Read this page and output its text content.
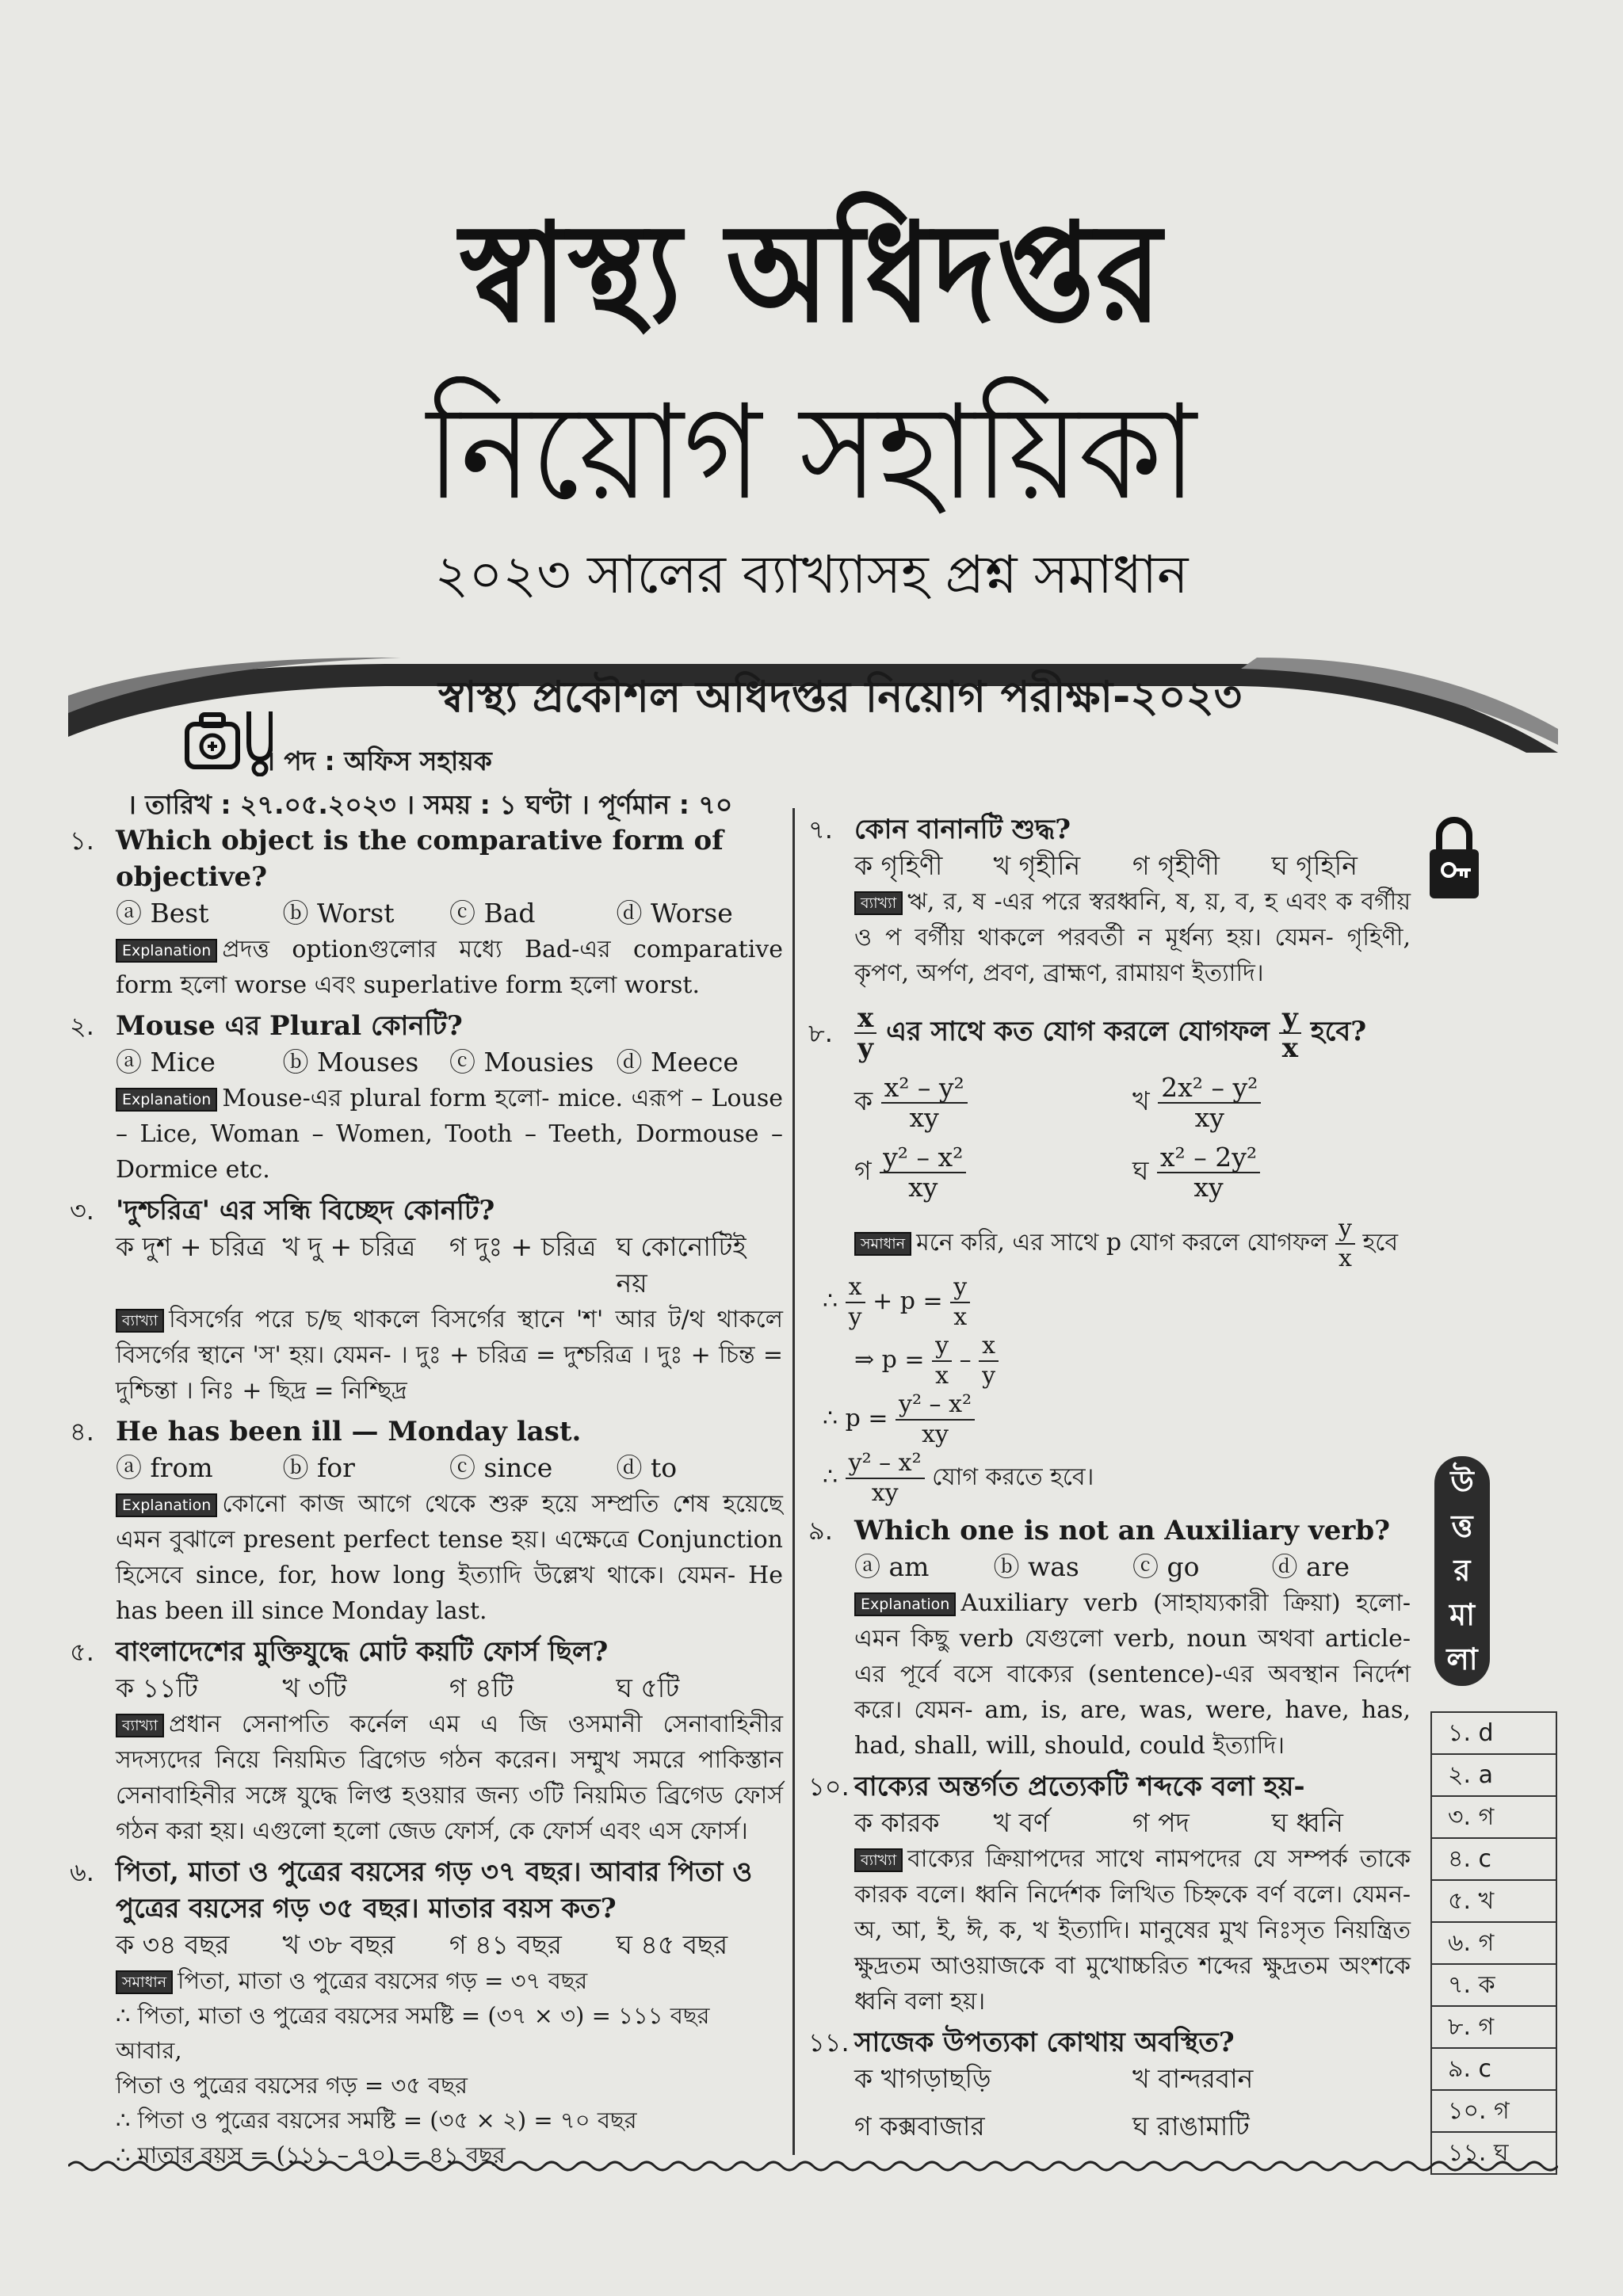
স্বাস্থ্য অধিদপ্তর
নিয়োগ সহায়িকা
২০২৩ সালের ব্যাখ্যাসহ প্রশ্ন সমাধান
স্বাস্থ্য প্রকৌশল অধিদপ্তর নিয়োগ পরীক্ষা-২০২৩
। পদ : অফিস সহায়ক
। তারিখ : ২৭.০৫.২০২৩ । সময় : ১ ঘণ্টা । পূর্ণমান : ৭০
১. Which object is the comparative form of objective?
ⓐ Best	ⓑ Worst	ⓒ Bad	ⓓ Worse
Explanation প্রদত্ত optionগুলোর মধ্যে Bad-এর comparative form হলো worse এবং superlative form হলো worst.
২. Mouse এর Plural কোনটি?
ⓐ Mice	ⓑ Mouses	ⓒ Mousies ⓓ Meece
Explanation Mouse-এর plural form হলো- mice. এরূপ – Louse – Lice, Woman – Women, Tooth – Teeth, Dormouse – Dormice etc.
৩. 'দুশ্চরিত্র' এর সন্ধি বিচ্ছেদ কোনটি?
ক দুশ + চরিত্র খ দু + চরিত্র	গ দুঃ + চরিত্র ঘ কোনোটিই নয়
ব্যাখ্যা বিসর্গের পরে চ/ছ থাকলে বিসর্গের স্থানে 'শ' আর ট/থ থাকলে বিসর্গের স্থানে 'স' হয়। যেমন- । দুঃ + চরিত্র = দুশ্চরিত্র । দুঃ + চিন্ত = দুশ্চিন্তা । নিঃ + ছিদ্র = নিশ্ছিদ্র
৪. He has been ill — Monday last.
ⓐ from	ⓑ for	ⓒ since	ⓓ to
Explanation কোনো কাজ আগে থেকে শুরু হয়ে সম্প্রতি শেষ হয়েছে এমন বুঝালে present perfect tense হয়। এক্ষেত্রে Conjunction হিসেবে since, for, how long ইত্যাদি উল্লেখ থাকে। যেমন- He has been ill since Monday last.
৫. বাংলাদেশের মুক্তিযুদ্ধে মোট কয়টি ফোর্স ছিল?
ক ১১টি	খ ৩টি	গ ৪টি	ঘ ৫টি
ব্যাখ্যা প্রধান সেনাপতি কর্নেল এম এ জি ওসমানী সেনাবাহিনীর সদস্যদের নিয়ে নিয়মিত ব্রিগেড গঠন করেন। সম্মুখ সমরে পাকিস্তান সেনাবাহিনীর সঙ্গে যুদ্ধে লিপ্ত হওয়ার জন্য ৩টি নিয়মিত ব্রিগেড ফোর্স গঠন করা হয়। এগুলো হলো জেড ফোর্স, কে ফোর্স এবং এস ফোর্স।
৬. পিতা, মাতা ও পুত্রের বয়সের গড় ৩৭ বছর। আবার পিতা ও পুত্রের বয়সের গড় ৩৫ বছর। মাতার বয়স কত?
ক ৩৪ বছর	খ ৩৮ বছর	গ ৪১ বছর	ঘ ৪৫ বছর
সমাধান পিতা, মাতা ও পুত্রের বয়সের গড় = ৩৭ বছর
∴ পিতা, মাতা ও পুত্রের বয়সের সমষ্টি = (৩৭ × ৩) = ১১১ বছর
আবার,
পিতা ও পুত্রের বয়সের গড় = ৩৫ বছর
∴ পিতা ও পুত্রের বয়সের সমষ্টি = (৩৫ × ২) = ৭০ বছর
∴ মাতার বয়স = (১১১ – ৭০) = ৪১ বছর
৭. কোন বানানটি শুদ্ধ?
ক গৃহিণী	খ গৃহীনি	গ গৃহীণী	ঘ গৃহিনি
ব্যাখ্যা ঋ, র, ষ -এর পরে স্বরধ্বনি, ষ, য়, ব, হ এবং ক বর্গীয় ও প বর্গীয় থাকলে পরবর্তী ন মূর্ধন্য হয়। যেমন- গৃহিণী, কৃপণ, অর্পণ, প্রবণ, ব্রাহ্মণ, রামায়ণ ইত্যাদি।
৮. $\frac{x}{y}$ এর সাথে কত যোগ করলে যোগফল $\frac{y}{x}$ হবে?
ক $\frac{\text{x² – y²}}{xy}$	খ $\frac{\text{2x² – y²}}{xy}$
গ $\frac{\text{y² – x²}}{xy}$	ঘ $\frac{\text{x² – 2y²}}{xy}$
সমাধান মনে করি, এর সাথে p যোগ করলে যোগফল $\frac{y}{x}$ হবে
∴ $\frac{x}{y} + p = \frac{y}{x}$
⇒ $p = \frac{y}{x} - \frac{x}{y}$
∴ $p = \frac{\text{y² – x²}}{xy}$
∴ $\frac{\text{y² – x²}}{xy}$ যোগ করতে হবে।
৯. Which one is not an Auxiliary verb?
ⓐ am	ⓑ was	ⓒ go	ⓓ are
Explanation Auxiliary verb (সাহায্যকারী ক্রিয়া) হলো- এমন কিছু verb যেগুলো verb, noun অথবা article-এর পূর্বে বসে বাক্যের (sentence)-এর অবস্থান নির্দেশ করে। যেমন- am, is, are, was, were, have, has, had, shall, will, should, could ইত্যাদি।
১০. বাক্যের অন্তর্গত প্রত্যেকটি শব্দকে বলা হয়-
ক কারক	খ বর্ণ	গ পদ	ঘ ধ্বনি
ব্যাখ্যা বাক্যের ক্রিয়াপদের সাথে নামপদের যে সম্পর্ক তাকে কারক বলে। ধ্বনি নির্দেশক লিখিত চিহ্নকে বর্ণ বলে। যেমন- অ, আ, ই, ঈ, ক, খ ইত্যাদি। মানুষের মুখ নিঃসৃত নিয়ন্ত্রিত ক্ষুদ্রতম আওয়াজকে বা মুখোচ্চরিত শব্দের ক্ষুদ্রতম অংশকে ধ্বনি বলা হয়।
১১. সাজেক উপত্যকা কোথায় অবস্থিত?
ক খাগড়াছড়ি	খ বান্দরবান
গ কক্সবাজার	ঘ রাঙামাটি
উ
ত্ত
র
মা
লা
১. d
২. a
৩. গ
৪. c
৫. খ
৬. গ
৭. ক
৮. গ
৯. c
১০. গ
১১. ঘ
